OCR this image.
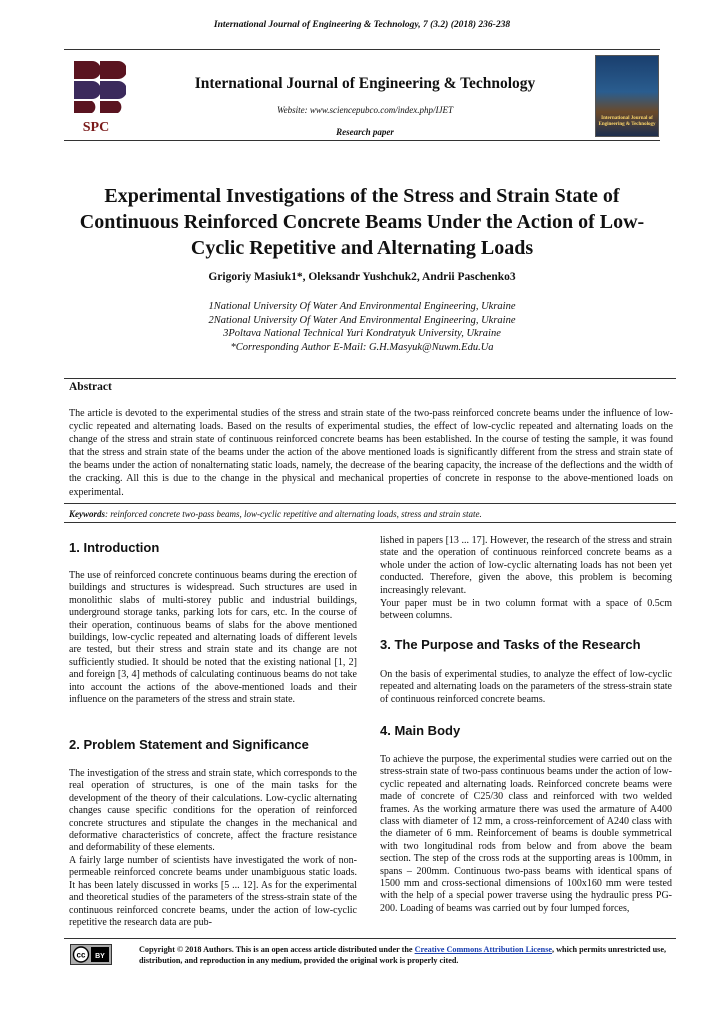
International Journal of Engineering & Technology, 7 (3.2) (2018) 236-238
SPC
International Journal of Engineering & Technology
Website: www.sciencepubco.com/index.php/IJET
Research paper
International Journal of Engineering & Technology
Experimental Investigations of the Stress and Strain State of Continuous Reinforced Concrete Beams Under the Action of Low-Cyclic Repetitive and Alternating Loads
Grigoriy Masiuk1*, Oleksandr Yushchuk2, Andrii Paschenko3
1National University Of Water And Environmental Engineering, Ukraine
2National University Of Water And Environmental Engineering, Ukraine
3Poltava National Technical Yuri Kondratyuk University, Ukraine
*Corresponding Author E-Mail: G.H.Masyuk@Nuwm.Edu.Ua
Abstract
The article is devoted to the experimental studies of the stress and strain state of the two-pass reinforced concrete beams under the influence of low-cyclic repeated and alternating loads. Based on the results of experimental studies, the effect of low-cyclic repeated and alternating loads on the change of the stress and strain state of continuous reinforced concrete beams has been established. In the course of testing the sample, it was found that the stress and strain state of the beams under the action of the above mentioned loads is significantly different from the stress and strain state of the beams under the action of nonalternating static loads, namely, the decrease of the bearing capacity, the increase of the deflections and the width of the cracking. All this is due to the change in the physical and mechanical properties of concrete in response to the above-mentioned loads on experimental.
Keywords: reinforced concrete two-pass beams, low-cyclic repetitive and alternating loads, stress and strain state.
1. Introduction
The use of reinforced concrete continuous beams during the erection of buildings and structures is widespread. Such structures are used in monolithic slabs of multi-storey public and industrial buildings, underground storage tanks, parking lots for cars, etc. In the course of their operation, continuous beams of slabs for the above mentioned buildings, low-cyclic repeated and alternating loads of different levels are tested, but their stress and strain state and its change are not sufficiently studied. It should be noted that the existing national [1, 2] and foreign [3, 4] methods of calculating continuous beams do not take into account the actions of the above-mentioned loads and their influence on the parameters of the stress and strain state.
2. Problem Statement and Significance
The investigation of the stress and strain state, which corresponds to the real operation of structures, is one of the main tasks for the development of the theory of their calculations. Low-cyclic alternating changes cause specific conditions for the operation of reinforced concrete structures and stipulate the changes in the mechanical and deformative characteristics of concrete, affect the fracture resistance and deformability of these elements.
A fairly large number of scientists have investigated the work of non-permeable reinforced concrete beams under unambiguous static loads. It has been lately discussed in works [5 ... 12]. As for the experimental and theoretical studies of the parameters of the stress-strain state of the continuous reinforced concrete beams, under the action of low-cyclic repetitive the research data are pub-
lished in papers [13 ... 17]. However, the research of the stress and strain state and the operation of continuous reinforced concrete beams as a whole under the action of low-cyclic alternating loads has not been yet conducted. Therefore, given the above, this problem is becoming increasingly relevant.
Your paper must be in two column format with a space of 0.5cm between columns.
3. The Purpose and Tasks of the Research
On the basis of experimental studies, to analyze the effect of low-cyclic repeated and alternating loads on the parameters of the stress-strain state of continuous reinforced concrete beams.
4. Main Body
To achieve the purpose, the experimental studies were carried out on the stress-strain state of two-pass continuous beams under the action of low-cyclic repeated and alternating loads. Reinforced concrete beams were made of concrete of C25/30 class and reinforced with two welded frames. As the working armature there was used the armature of A400 class with diameter of 12 mm, a cross-reinforcement of A240 class with the diameter of 6 mm. Reinforcement of beams is double symmetrical with two longitudinal rods from below and from above the beam section. The step of the cross rods at the supporting areas is 100mm, in spans – 200mm. Continuous two-pass beams with identical spans of 1500 mm and cross-sectional dimensions of 100x160 mm were tested with the help of a special power traverse using the hydraulic press PG-200. Loading of beams was carried out by four lumped forces,
cc BY
Copyright © 2018 Authors. This is an open access article distributed under the Creative Commons Attribution License, which permits unrestricted use, distribution, and reproduction in any medium, provided the original work is properly cited.
